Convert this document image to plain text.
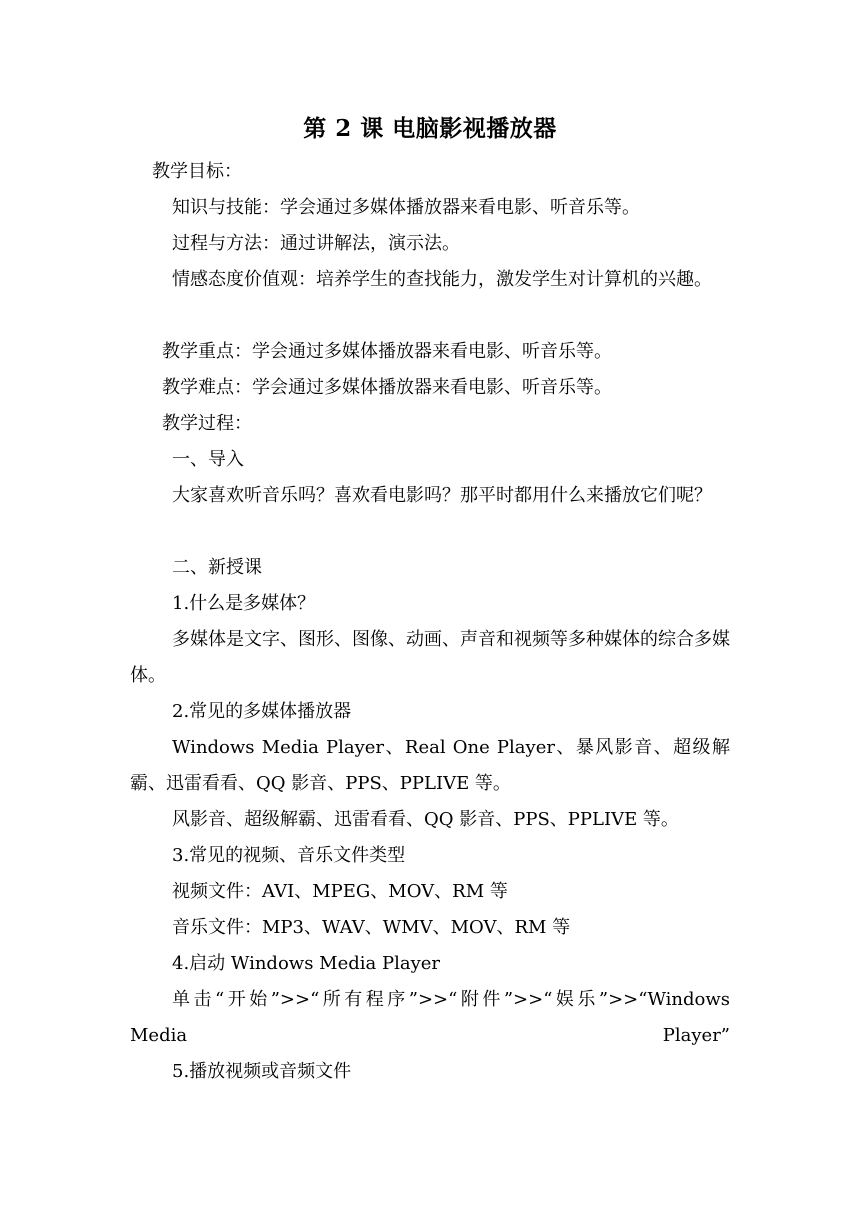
第 2 课 电脑影视播放器
教学目标：
知识与技能：学会通过多媒体播放器来看电影、听音乐等。
过程与方法：通过讲解法，演示法。
情感态度价值观：培养学生的查找能力，激发学生对计算机的兴趣。
教学重点：学会通过多媒体播放器来看电影、听音乐等。
教学难点：学会通过多媒体播放器来看电影、听音乐等。
教学过程：
一、导入
大家喜欢听音乐吗？喜欢看电影吗？那平时都用什么来播放它们呢？
二、新授课
1.什么是多媒体？
多媒体是文字、图形、图像、动画、声音和视频等多种媒体的综合多媒体。
2.常见的多媒体播放器
Windows Media Player、Real One Player、暴风影音、超级解霸、迅雷看看、QQ 影音、PPS、PPLIVE 等。
风影音、超级解霸、迅雷看看、QQ 影音、PPS、PPLIVE 等。
3.常见的视频、音乐文件类型
视频文件：AVI、MPEG、MOV、RM 等
音乐文件：MP3、WAV、WMV、MOV、RM 等
4.启动 Windows Media Player
单击“开始”>>“所有程序”>>“附件”>>“娱乐”>>“Windows Media Player”
5.播放视频或音频文件
